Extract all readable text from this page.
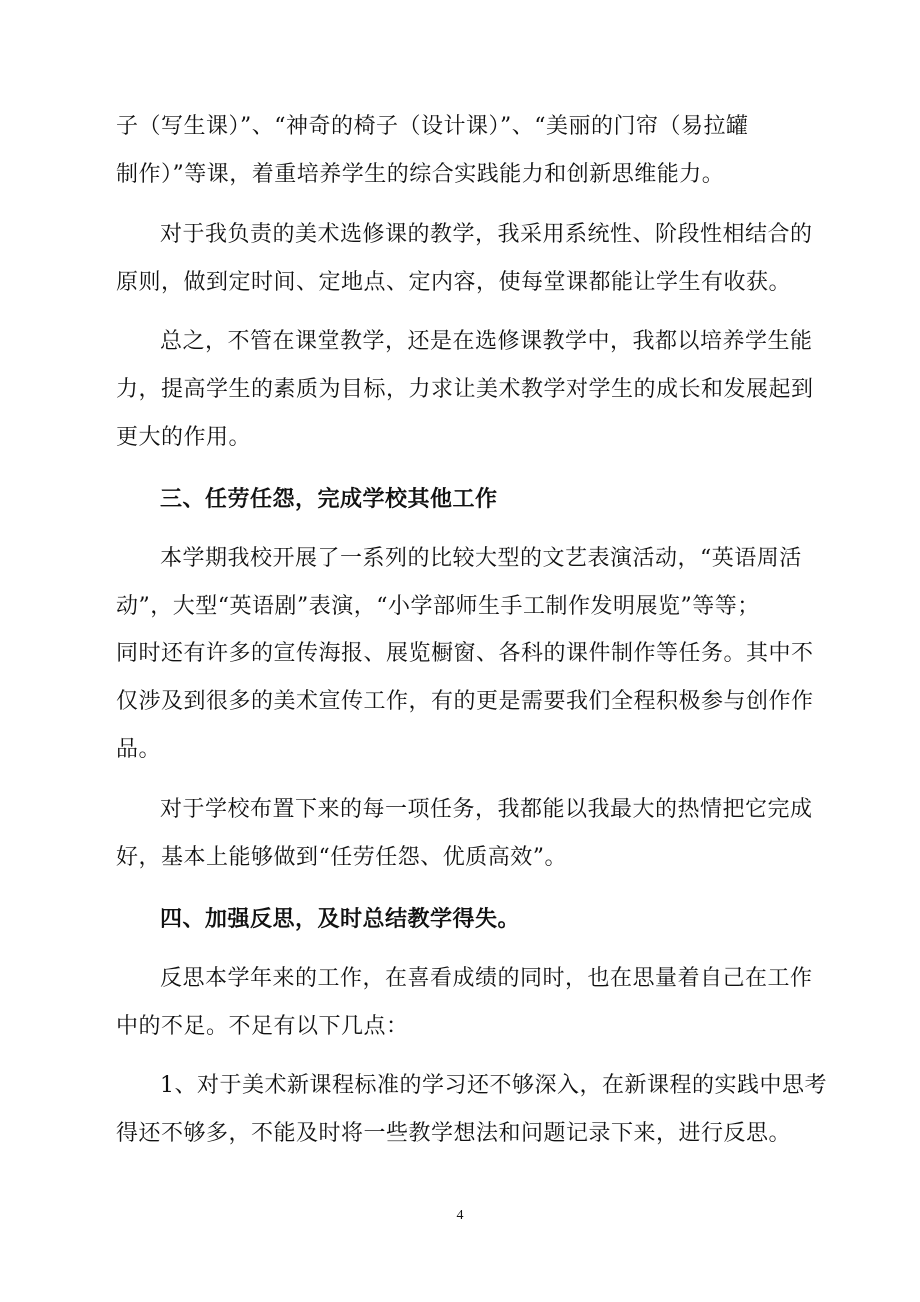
子（写生课）”、“神奇的椅子（设计课）”、“美丽的门帘（易拉罐
制作）”等课，着重培养学生的综合实践能力和创新思维能力。
对于我负责的美术选修课的教学，我采用系统性、阶段性相结合的
原则，做到定时间、定地点、定内容，使每堂课都能让学生有收获。
总之，不管在课堂教学，还是在选修课教学中，我都以培养学生能
力，提高学生的素质为目标，力求让美术教学对学生的成长和发展起到
更大的作用。
三、任劳任怨，完成学校其他工作
本学期我校开展了一系列的比较大型的文艺表演活动，“英语周活
动”，大型“英语剧”表演，“小学部师生手工制作发明展览”等等；
同时还有许多的宣传海报、展览橱窗、各科的课件制作等任务。其中不
仅涉及到很多的美术宣传工作，有的更是需要我们全程积极参与创作作
品。
对于学校布置下来的每一项任务，我都能以我最大的热情把它完成
好，基本上能够做到“任劳任怨、优质高效”。
四、加强反思，及时总结教学得失。
反思本学年来的工作，在喜看成绩的同时，也在思量着自己在工作
中的不足。不足有以下几点：
1、对于美术新课程标准的学习还不够深入，在新课程的实践中思考
得还不够多，不能及时将一些教学想法和问题记录下来，进行反思。
4
